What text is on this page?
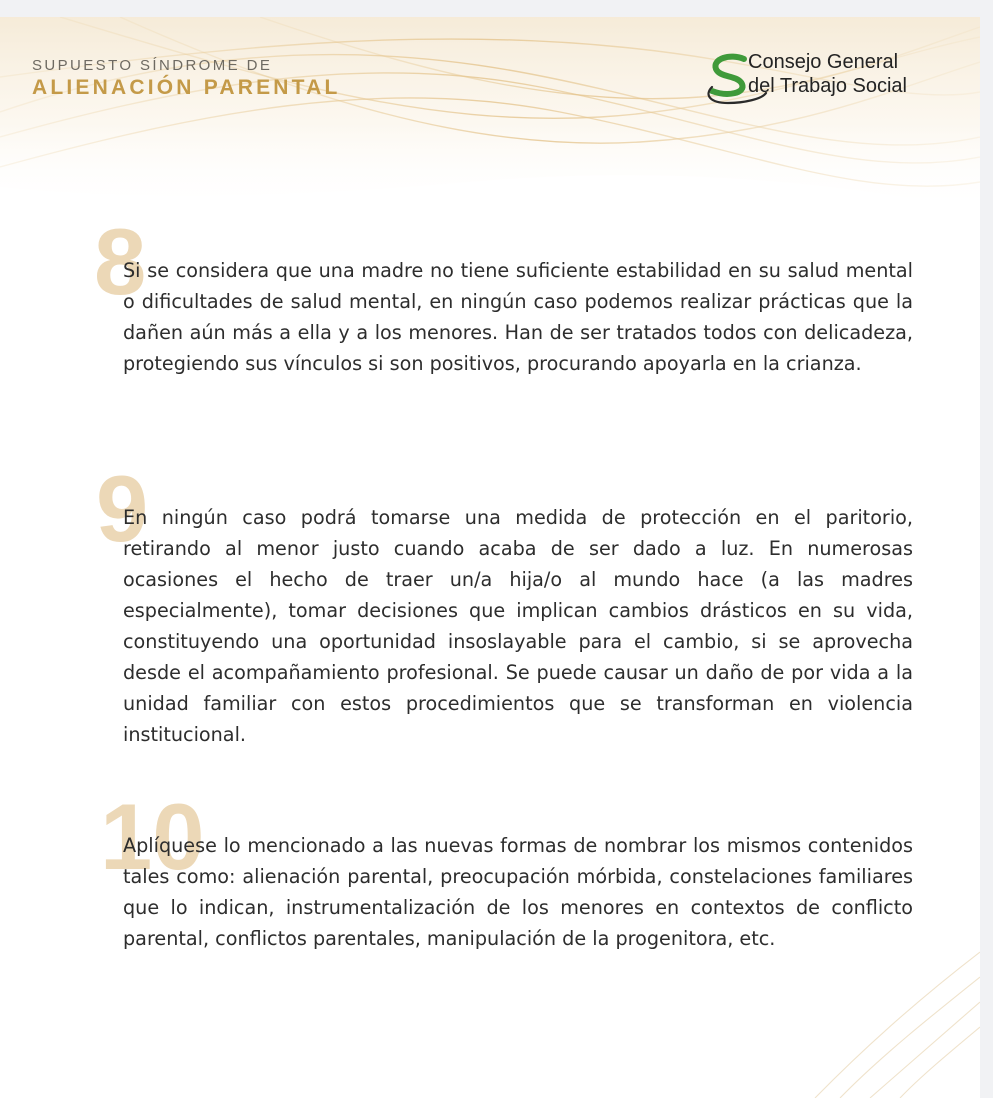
SUPUESTO SÍNDROME DE
ALIENACIÓN PARENTAL
Consejo General
del Trabajo Social
8

Si se considera que una madre no tiene suficiente estabilidad en su salud mental o dificultades de salud mental, en ningún caso podemos realizar prácticas que la dañen aún más a ella y a los menores. Han de ser tratados todos con delicadeza, protegiendo sus vínculos si son positivos, procurando apoyarla en la crianza.

9

En ningún caso podrá tomarse una medida de protección en el paritorio, retirando al menor justo cuando acaba de ser dado a luz. En numerosas ocasiones el hecho de traer un/a hija/o al mundo hace (a las madres especialmente), tomar decisiones que implican cambios drásticos en su vida, constituyendo una oportunidad insoslayable para el cambio, si se aprovecha desde el acompañamiento profesional. Se puede causar un daño de por vida a la unidad familiar con estos procedimientos que se transforman en violencia institucional.

10

Aplíquese lo mencionado a las nuevas formas de nombrar los mismos contenidos tales como: alienación parental, preocupación mórbida, constelaciones familiares que lo indican, instrumentalización de los menores en contextos de conflicto parental, conflictos parentales, manipulación de la progenitora, etc.
